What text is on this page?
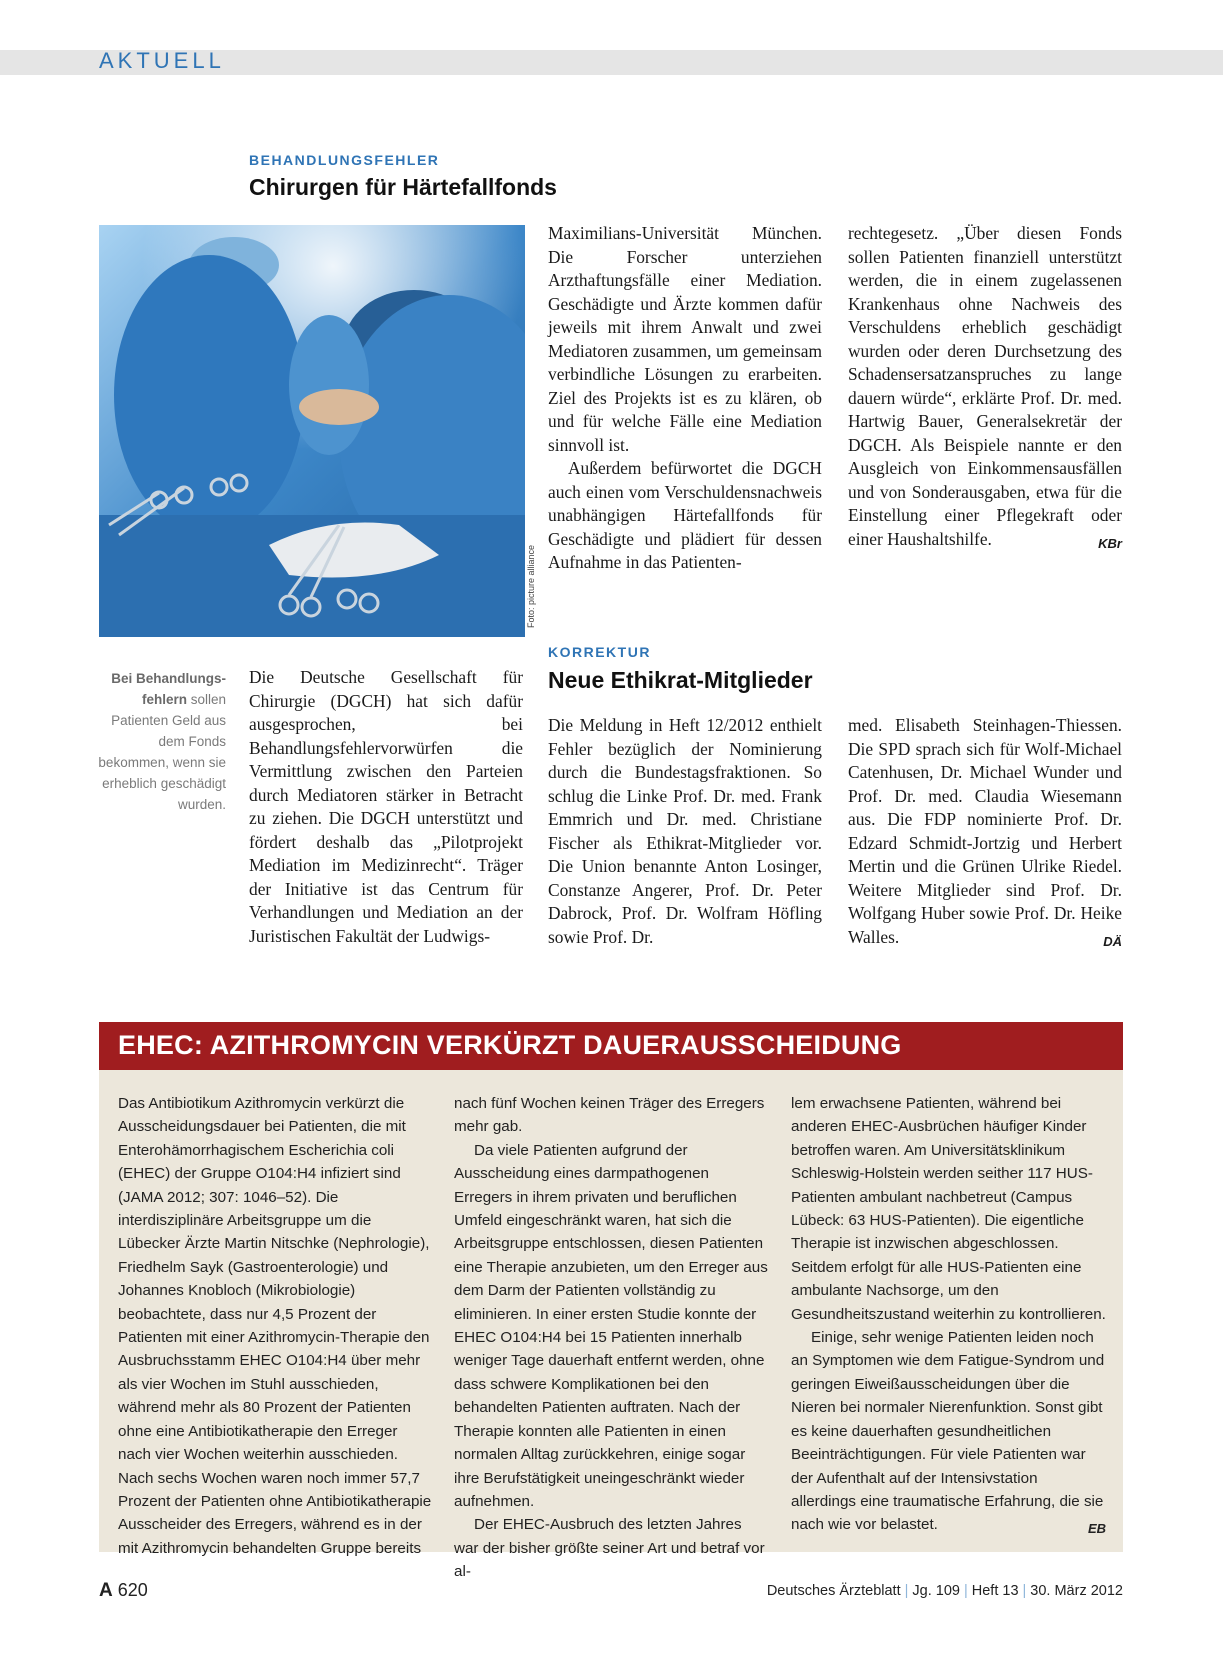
AKTUELL
BEHANDLUNGSFEHLER
Chirurgen für Härtefallfonds
Foto: picture alliance
Bei Behandlungs-fehlern sollen Patienten Geld aus dem Fonds bekommen, wenn sie erheblich geschädigt wurden.

Die Deutsche Gesellschaft für Chirurgie (DGCH) hat sich dafür ausgesprochen, bei Behandlungsfehlervorwürfen die Vermittlung zwischen den Parteien durch Mediatoren stärker in Betracht zu ziehen. Die DGCH unterstützt und fördert deshalb das „Pilotprojekt Mediation im Medizinrecht“. Träger der Initiative ist das Centrum für Verhandlungen und Mediation an der Juristischen Fakultät der Ludwigs-

Maximilians-Universität München. Die Forscher unterziehen Arzthaftungsfälle einer Mediation. Geschädigte und Ärzte kommen dafür jeweils mit ihrem Anwalt und zwei Mediatoren zusammen, um gemeinsam verbindliche Lösungen zu erarbeiten. Ziel des Projekts ist es zu klären, ob und für welche Fälle eine Mediation sinnvoll ist.

Außerdem befürwortet die DGCH auch einen vom Verschuldensnachweis unabhängigen Härtefallfonds für Geschädigte und plädiert für dessen Aufnahme in das Patienten-

rechtegesetz. „Über diesen Fonds sollen Patienten finanziell unterstützt werden, die in einem zugelassenen Krankenhaus ohne Nachweis des Verschuldens erheblich geschädigt wurden oder deren Durchsetzung des Schadensersatzanspruches zu lange dauern würde“, erklärte Prof. Dr. med. Hartwig Bauer, Generalsekretär der DGCH. Als Beispiele nannte er den Ausgleich von Einkommensausfällen und von Sonderausgaben, etwa für die Einstellung einer Pflegekraft oder einer Haushaltshilfe.	KBr

KORREKTUR
Neue Ethikrat-Mitglieder

Die Meldung in Heft 12/2012 enthielt Fehler bezüglich der Nominierung durch die Bundestagsfraktionen. So schlug die Linke Prof. Dr. med. Frank Emmrich und Dr. med. Christiane Fischer als Ethikrat-Mitglieder vor. Die Union benannte Anton Losinger, Constanze Angerer, Prof. Dr. Peter Dabrock, Prof. Dr. Wolfram Höfling sowie Prof. Dr.

med. Elisabeth Steinhagen-Thiessen. Die SPD sprach sich für Wolf-Michael Catenhusen, Dr. Michael Wunder und Prof. Dr. med. Claudia Wiesemann aus. Die FDP nominierte Prof. Dr. Edzard Schmidt-Jortzig und Herbert Mertin und die Grünen Ulrike Riedel. Weitere Mitglieder sind Prof. Dr. Wolfgang Huber sowie Prof. Dr. Heike Walles.	DÄ

EHEC: AZITHROMYCIN VERKÜRZT DAUERAUSSCHEIDUNG

Das Antibiotikum Azithromycin verkürzt die Ausscheidungsdauer bei Patienten, die mit Enterohämorrhagischem Escherichia coli (EHEC) der Gruppe O104:H4 infiziert sind (JAMA 2012; 307: 1046–52). Die interdisziplinäre Arbeitsgruppe um die Lübecker Ärzte Martin Nitschke (Nephrologie), Friedhelm Sayk (Gastroenterologie) und Johannes Knobloch (Mikrobiologie) beobachtete, dass nur 4,5 Prozent der Patienten mit einer Azithromycin-Therapie den Ausbruchsstamm EHEC O104:H4 über mehr als vier Wochen im Stuhl ausschieden, während mehr als 80 Prozent der Patienten ohne eine Antibiotikatherapie den Erreger nach vier Wochen weiterhin ausschieden. Nach sechs Wochen waren noch immer 57,7 Prozent der Patienten ohne Antibiotikatherapie Ausscheider des Erregers, während es in der mit Azithromycin behandelten Gruppe bereits

nach fünf Wochen keinen Träger des Erregers mehr gab.

Da viele Patienten aufgrund der Ausscheidung eines darmpathogenen Erregers in ihrem privaten und beruflichen Umfeld eingeschränkt waren, hat sich die Arbeitsgruppe entschlossen, diesen Patienten eine Therapie anzubieten, um den Erreger aus dem Darm der Patienten vollständig zu eliminieren. In einer ersten Studie konnte der EHEC O104:H4 bei 15 Patienten innerhalb weniger Tage dauerhaft entfernt werden, ohne dass schwere Komplikationen bei den behandelten Patienten auftraten. Nach der Therapie konnten alle Patienten in einen normalen Alltag zurückkehren, einige sogar ihre Berufstätigkeit uneingeschränkt wieder aufnehmen.

Der EHEC-Ausbruch des letzten Jahres war der bisher größte seiner Art und betraf vor al-

lem erwachsene Patienten, während bei anderen EHEC-Ausbrüchen häufiger Kinder betroffen waren. Am Universitätsklinikum Schleswig-Holstein werden seither 117 HUS-Patienten ambulant nachbetreut (Campus Lübeck: 63 HUS-Patienten). Die eigentliche Therapie ist inzwischen abgeschlossen. Seitdem erfolgt für alle HUS-Patienten eine ambulante Nachsorge, um den Gesundheitszustand weiterhin zu kontrollieren.

Einige, sehr wenige Patienten leiden noch an Symptomen wie dem Fatigue-Syndrom und geringen Eiweißausscheidungen über die Nieren bei normaler Nierenfunktion. Sonst gibt es keine dauerhaften gesundheitlichen Beeinträchtigungen. Für viele Patienten war der Aufenthalt auf der Intensivstation allerdings eine traumatische Erfahrung, die sie nach wie vor belastet.	EB

A 620	Deutsches Ärzteblatt | Jg. 109 | Heft 13 | 30. März 2012
